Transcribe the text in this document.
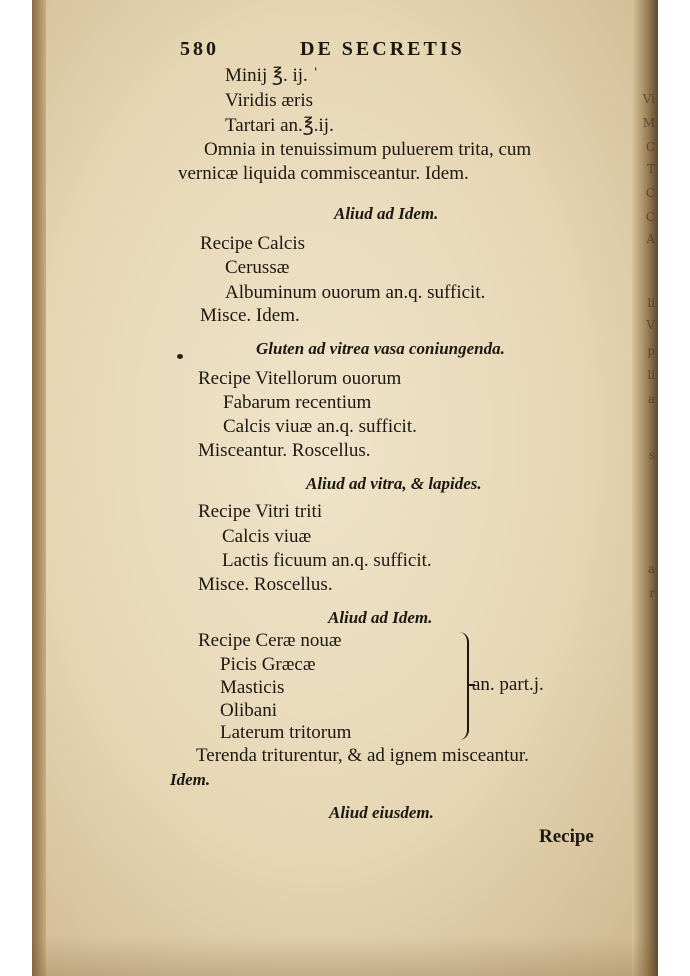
Vi
M
C
T
C
C
A
li
V
p
li
a
s
a
r
580	DE SECRETIS
Minij ℥. ij. ˈ
Viridis æris
Tartari an.℥.ij.
Omnia in tenuissimum puluerem trita, cum
vernicæ liquida commisceantur. Idem.
Aliud ad Idem.
Recipe Calcis
Cerussæ
Albuminum ouorum an.q. sufficit.
Misce. Idem.
Gluten ad vitrea vasa coniungenda.
Recipe Vitellorum ouorum
Fabarum recentium
Calcis viuæ an.q. sufficit.
Misceantur. Roscellus.
Aliud ad vitra, & lapides.
Recipe Vitri triti
Calcis viuæ
Lactis ficuum an.q. sufficit.
Misce. Roscellus.
Aliud ad Idem.
Recipe Ceræ nouæ
Picis Græcæ
Masticis
Olibani
Laterum tritorum
an. part.j.
Terenda triturentur, & ad ignem misceantur.
Idem.
Aliud eiusdem.
Recipe
